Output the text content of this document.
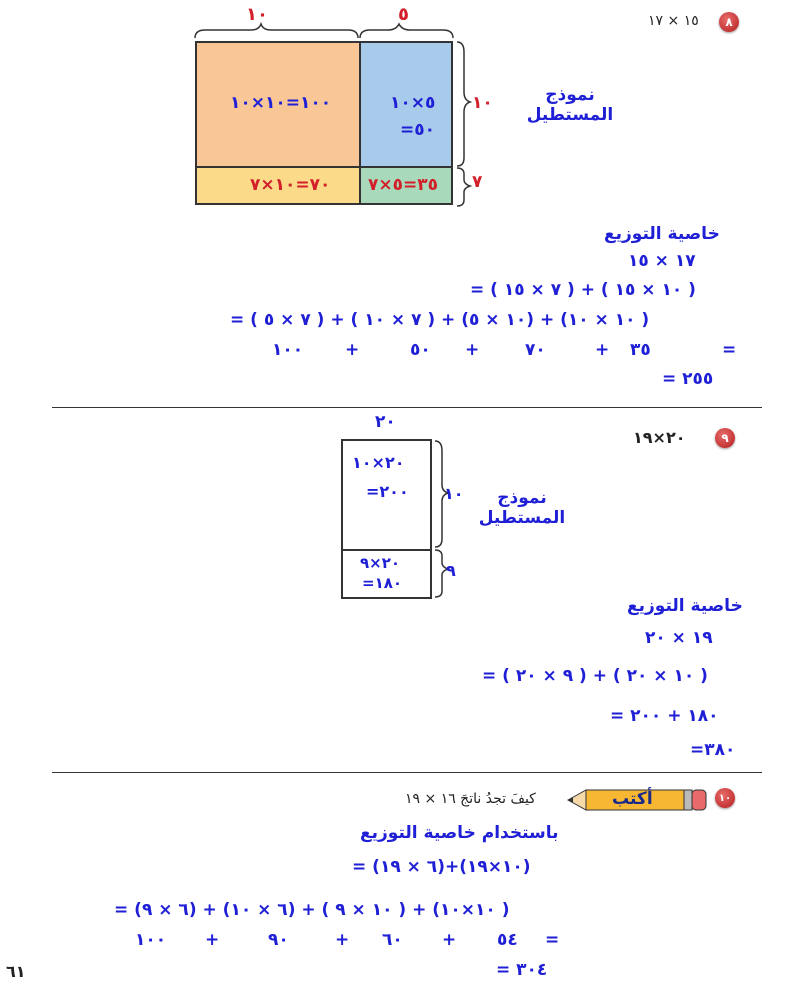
٨
١٥ × ١٧
١٠	٥
١٠٠=١٠×١٠	٥×١٠
=٥٠
٧٠=١٠×٧ ٣٥=٥×٧
١٠
٧
نموذج
المستطيل
خاصية التوزيع
١٧ × ١٥
= ( ٧ × ١٥ ) + ( ١٠ × ١٥ )
= ( ٧ × ٥ ) + ( ٧ × ١٠ ) + (١٠ × ٥) + (١٠ × ١٠ )
=
٣٥
+
٧٠
+
٥٠
+
١٠٠
= ٢٥٥
٩
٢٠×١٩
٢٠
٢٠×١٠
=٢٠٠
٢٠×٩
=١٨٠
١٠
٩
نموذج
المستطيل
خاصية التوزيع
١٩ × ٢٠
= ( ٩ × ٢٠ ) + ( ١٠ × ٢٠ )
= ١٨٠ + ٢٠٠
=٣٨٠
١٠
أكتب
كيفَ تجدُ ناتجَ ١٦ × ١٩
باستخدام خاصية التوزيع
= (٦ × ١٩)+(١٠×١٩)
= (٦ × ٩) + (٦ × ١٠) + ( ١٠ × ٩ ) + (١٠×١٠ )
=
٥٤
+
٦٠
+
٩٠
+
١٠٠
= ٣٠٤
٦١
